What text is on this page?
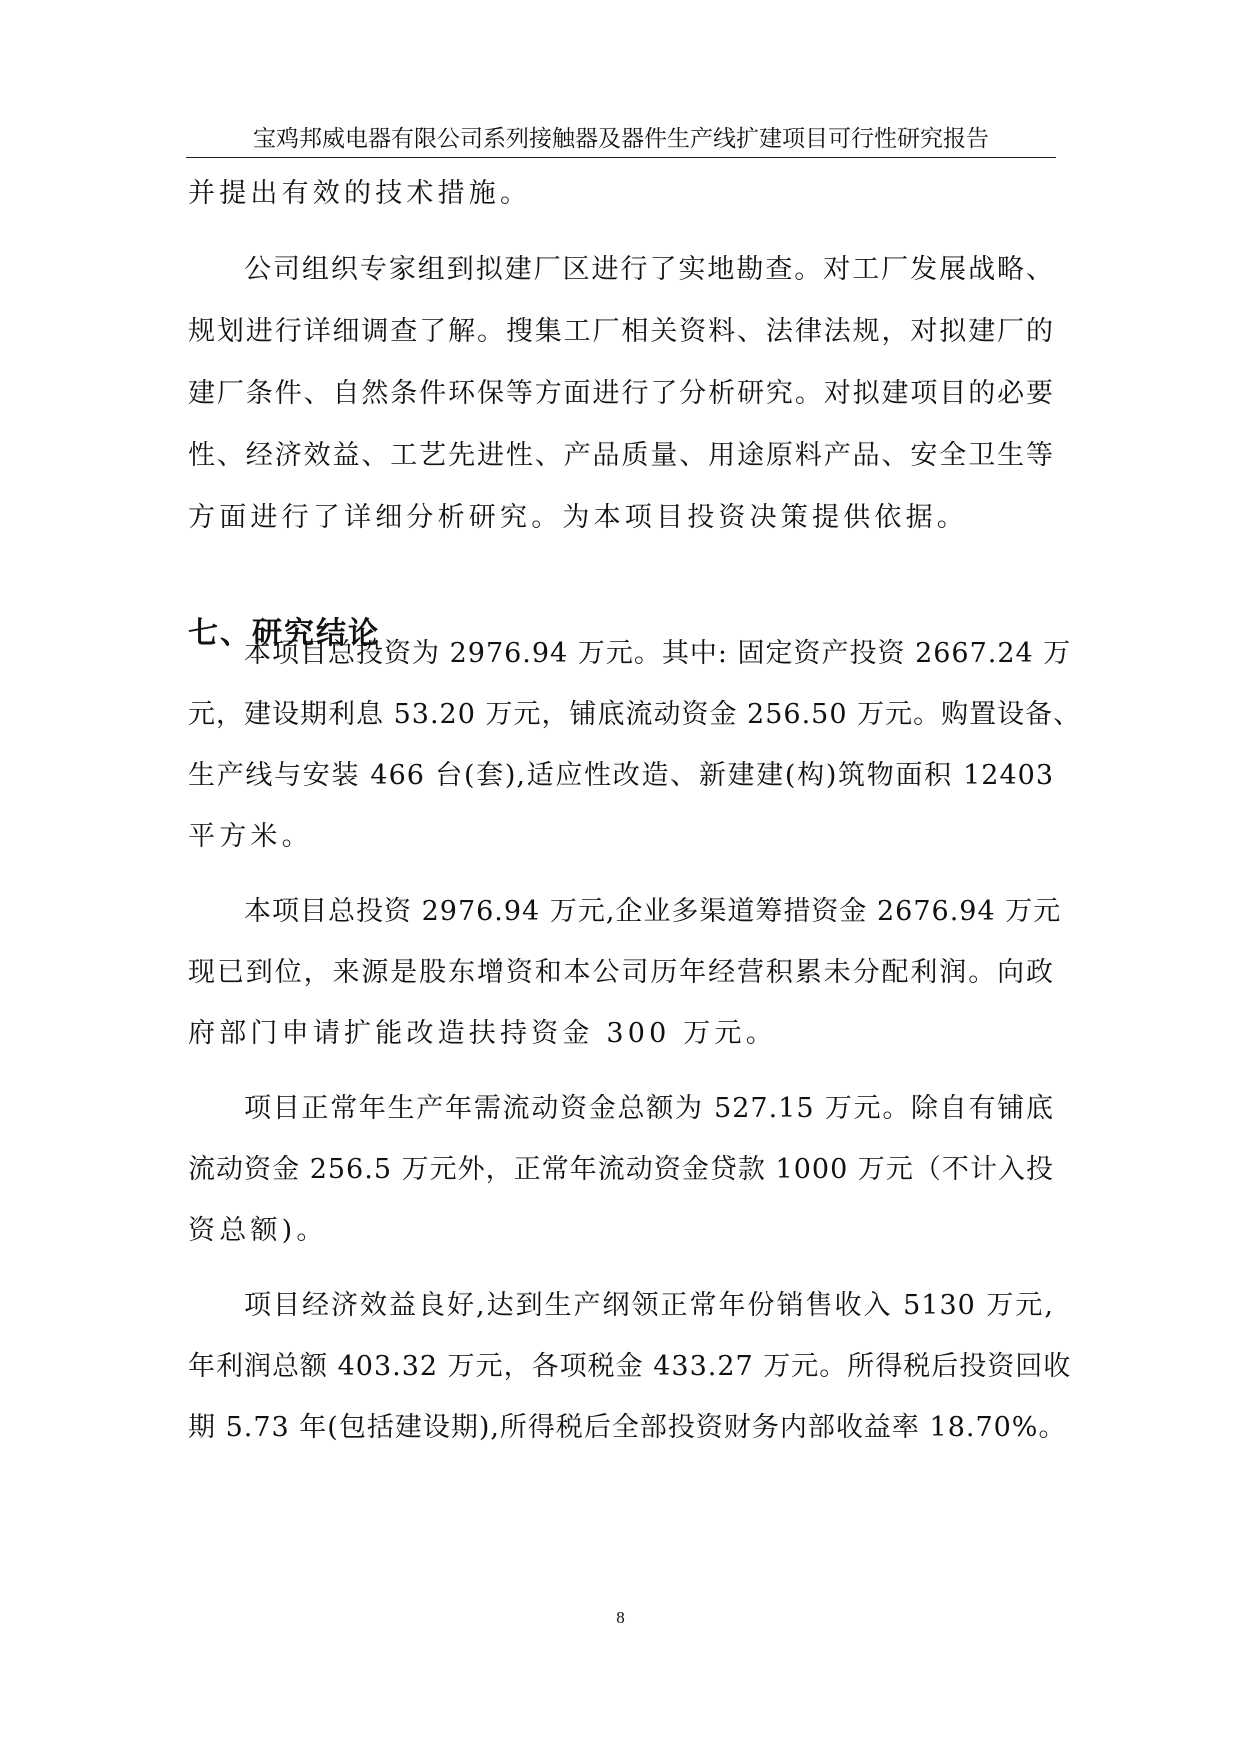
宝鸡邦威电器有限公司系列接触器及器件生产线扩建项目可行性研究报告
并提出有效的技术措施。
公司组织专家组到拟建厂区进行了实地勘查。对工厂发展战略、
规划进行详细调查了解。搜集工厂相关资料、法律法规，对拟建厂的
建厂条件、自然条件环保等方面进行了分析研究。对拟建项目的必要
性、经济效益、工艺先进性、产品质量、用途原料产品、安全卫生等
方面进行了详细分析研究。为本项目投资决策提供依据。
七、研究结论
本项目总投资为 2976.94 万元。其中: 固定资产投资 2667.24 万
元，建设期利息 53.20 万元，铺底流动资金 256.50 万元。购置设备、
生产线与安装 466 台(套),适应性改造、新建建(构)筑物面积 12403
平方米。
本项目总投资 2976.94 万元,企业多渠道筹措资金 2676.94 万元
现已到位，来源是股东增资和本公司历年经营积累未分配利润。向政
府部门申请扩能改造扶持资金 300 万元。
项目正常年生产年需流动资金总额为 527.15 万元。除自有铺底
流动资金 256.5 万元外，正常年流动资金贷款 1000 万元（不计入投
资总额)。
项目经济效益良好,达到生产纲领正常年份销售收入 5130 万元,
年利润总额 403.32 万元，各项税金 433.27 万元。所得税后投资回收
期 5.73 年(包括建设期),所得税后全部投资财务内部收益率 18.70%。
8
